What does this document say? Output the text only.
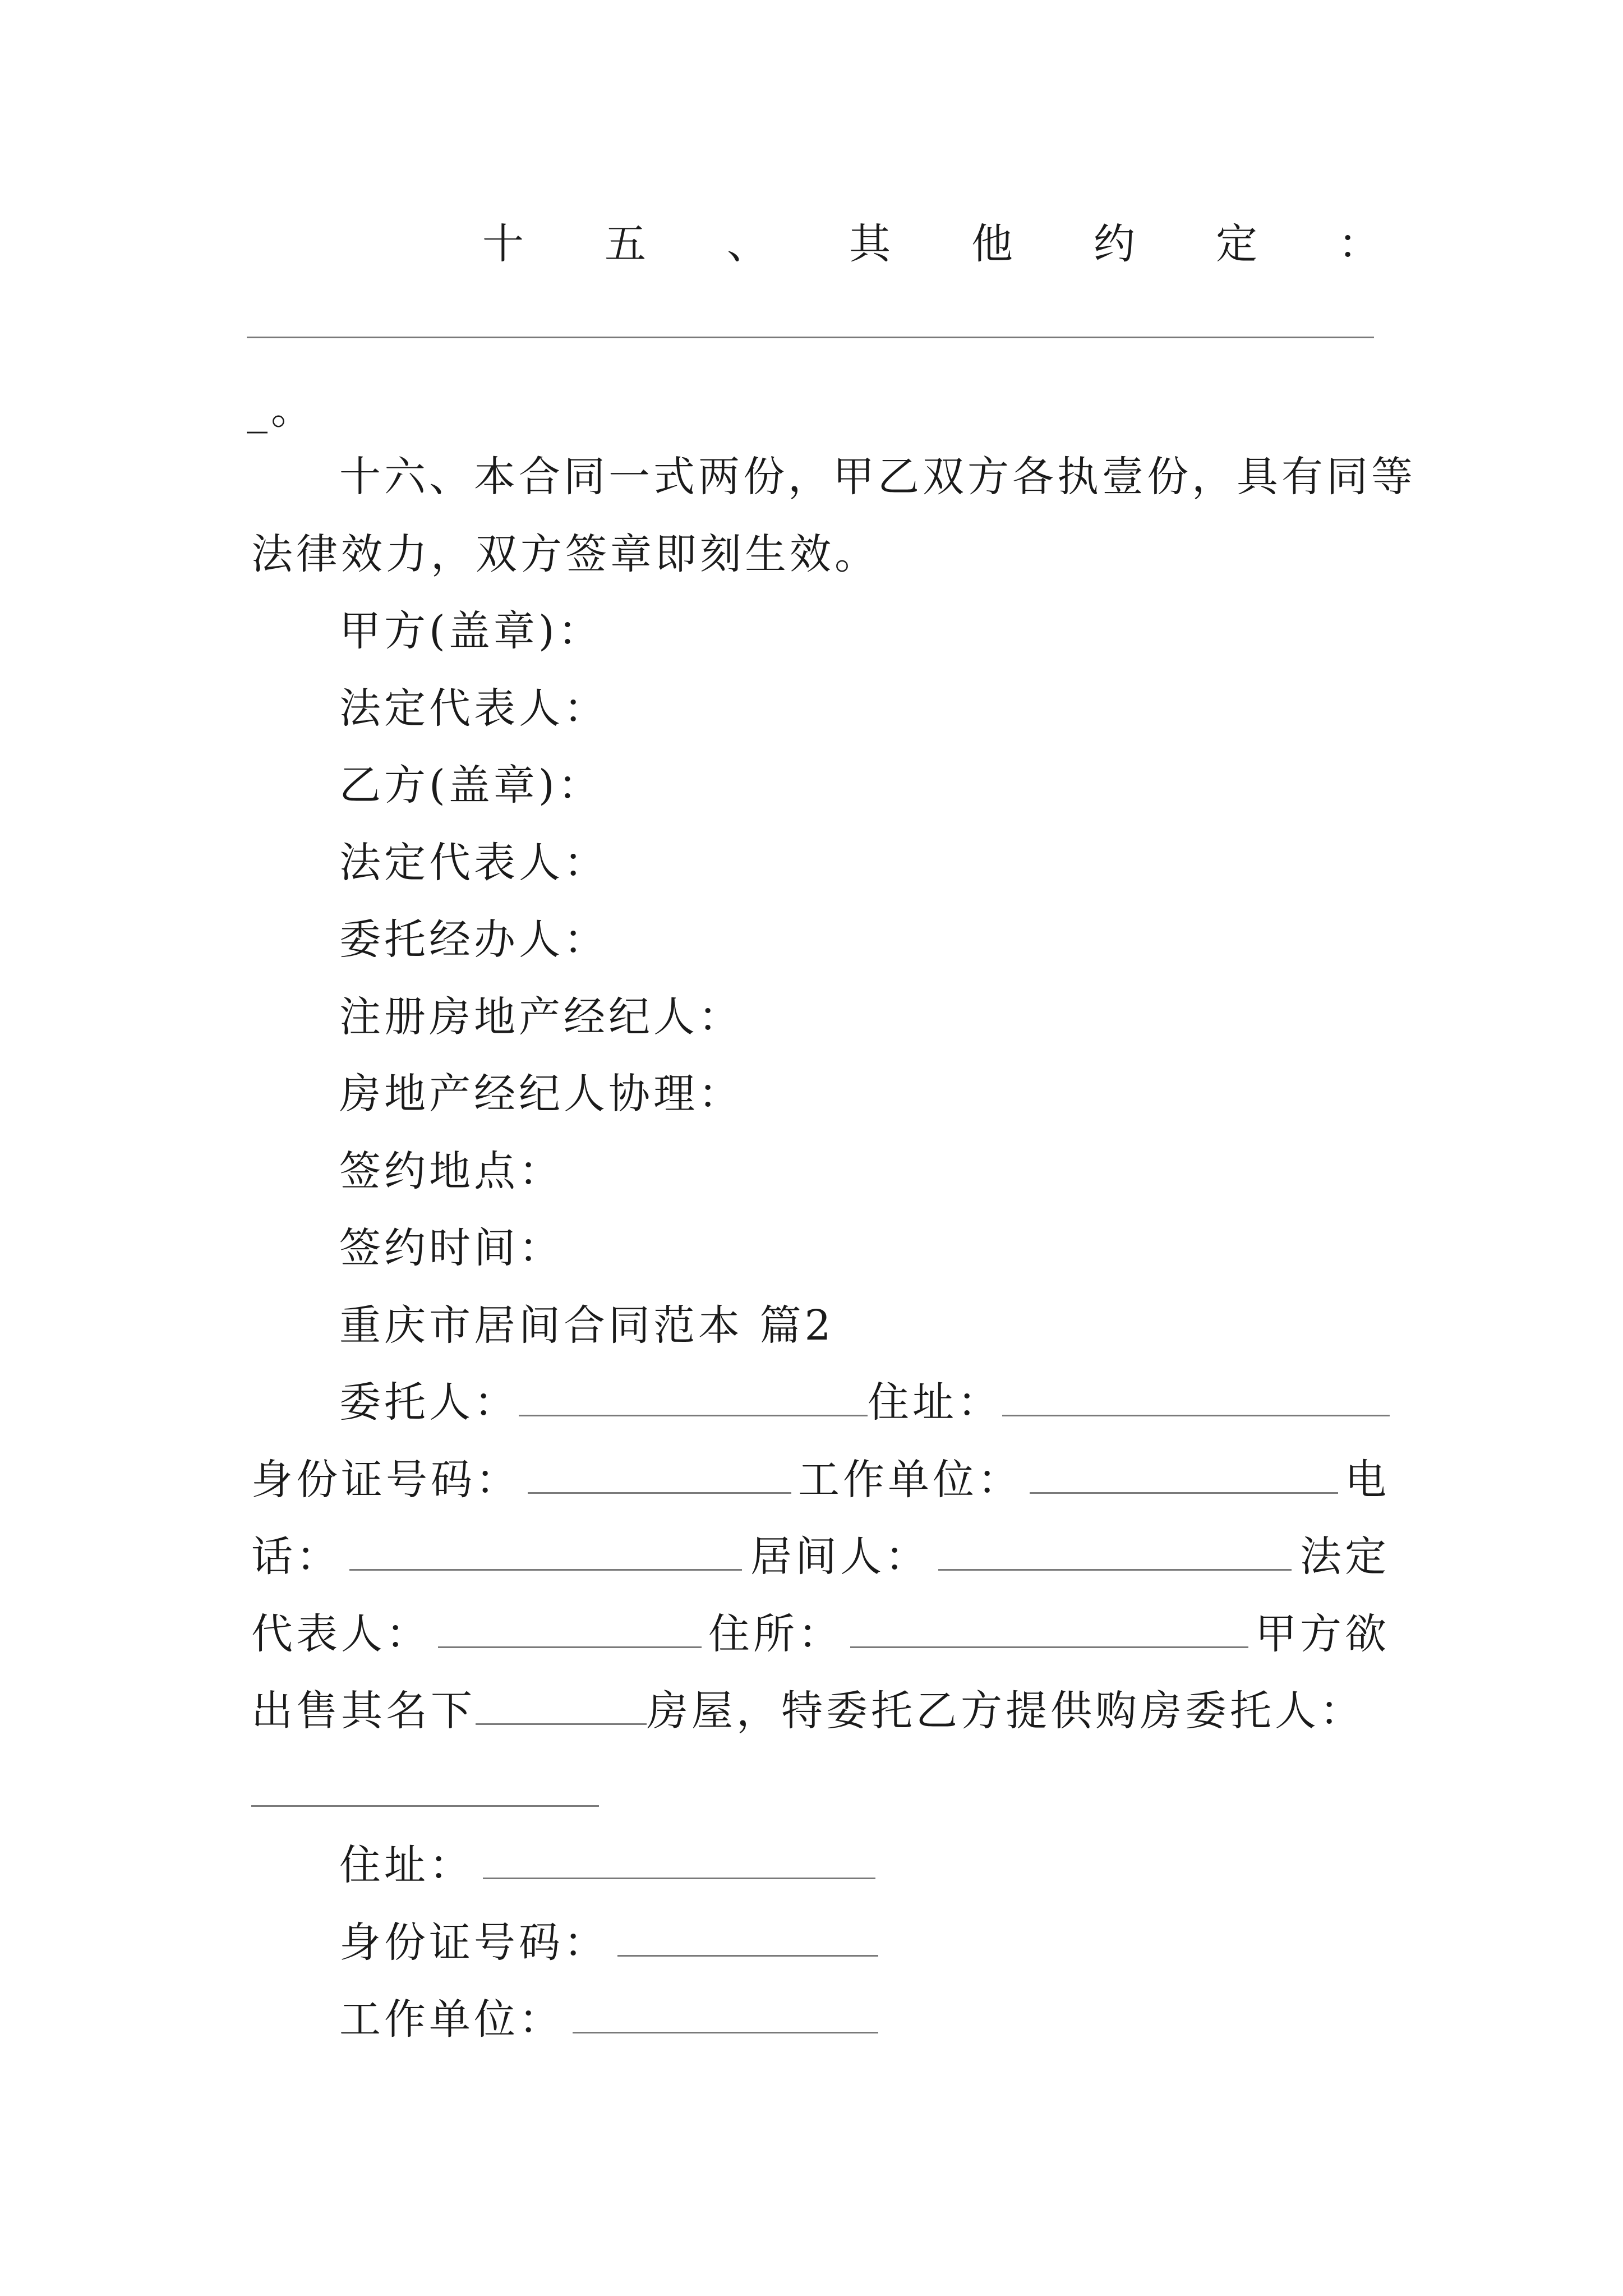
十 五 、 其 他 约 定 ：
_。
十六、本合同一式两份，甲乙双方各执壹份，具有同等
法律效力，双方签章即刻生效。
甲方(盖章)：
法定代表人：
乙方(盖章)：
法定代表人：
委托经办人：
注册房地产经纪人：
房地产经纪人协理：
签约地点：
签约时间：
重庆市居间合同范本 篇2
委托人：	住址：
身份证号码：	工作单位：	电
话：	居间人：	法定
代表人：	住所：	甲方欲
出售其名下	房屋，特委托乙方提供购房委托人：
住址：
身份证号码：
工作单位：
